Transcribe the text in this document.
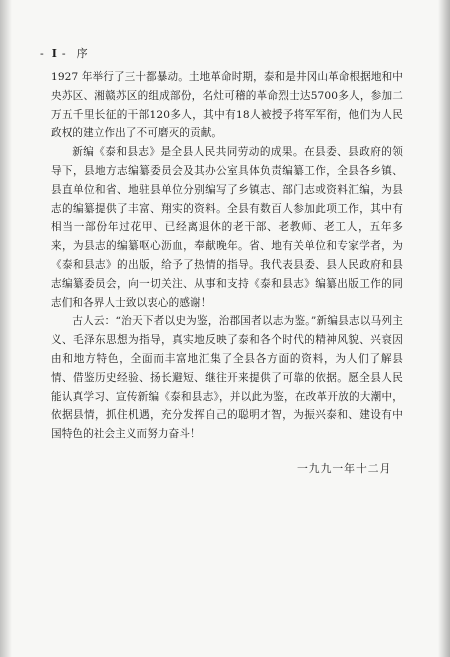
- I - 序

1927 年举行了三十都暴动。土地革命时期，泰和是井冈山革命根据地和中央苏区、湘赣苏区的组成部份，名灶可稽的革命烈士达5700多人，参加二万五千里长征的干部120多人，其中有18人被授予将军军衔，他们为人民政权的建立作出了不可磨灭的贡献。

新编《泰和县志》是全县人民共同劳动的成果。在县委、县政府的领导下，县地方志编纂委员会及其办公室具体负责编纂工作，全县各乡镇、县直单位和省、地驻县单位分别编写了乡镇志、部门志或资料汇编，为县志的编纂提供了丰富、翔实的资料。全县有数百人参加此项工作，其中有相当一部份年过花甲、已经离退休的老干部、老教师、老工人，五年多来，为县志的编纂呕心沥血，奉献晚年。省、地有关单位和专家学者，为《泰和县志》的出版，给予了热情的指导。我代表县委、县人民政府和县志编纂委员会，向一切关注、从事和支持《泰和县志》编纂出版工作的同志们和各界人士致以衷心的感谢！

古人云：“治天下者以史为鉴，治郡国者以志为鉴。”新编县志以马列主义、毛泽东思想为指导，真实地反映了泰和各个时代的精神风貌、兴衰因由和地方特色，全面而丰富地汇集了全县各方面的资料，为人们了解县情、借鉴历史经验、扬长避短、继往开来提供了可靠的依据。愿全县人民能认真学习、宣传新编《泰和县志》，并以此为鉴，在改革开放的大潮中，依据县情，抓住机遇，充分发挥自己的聪明才智，为振兴泰和、建设有中国特色的社会主义而努力奋斗！

一九九一年十二月
